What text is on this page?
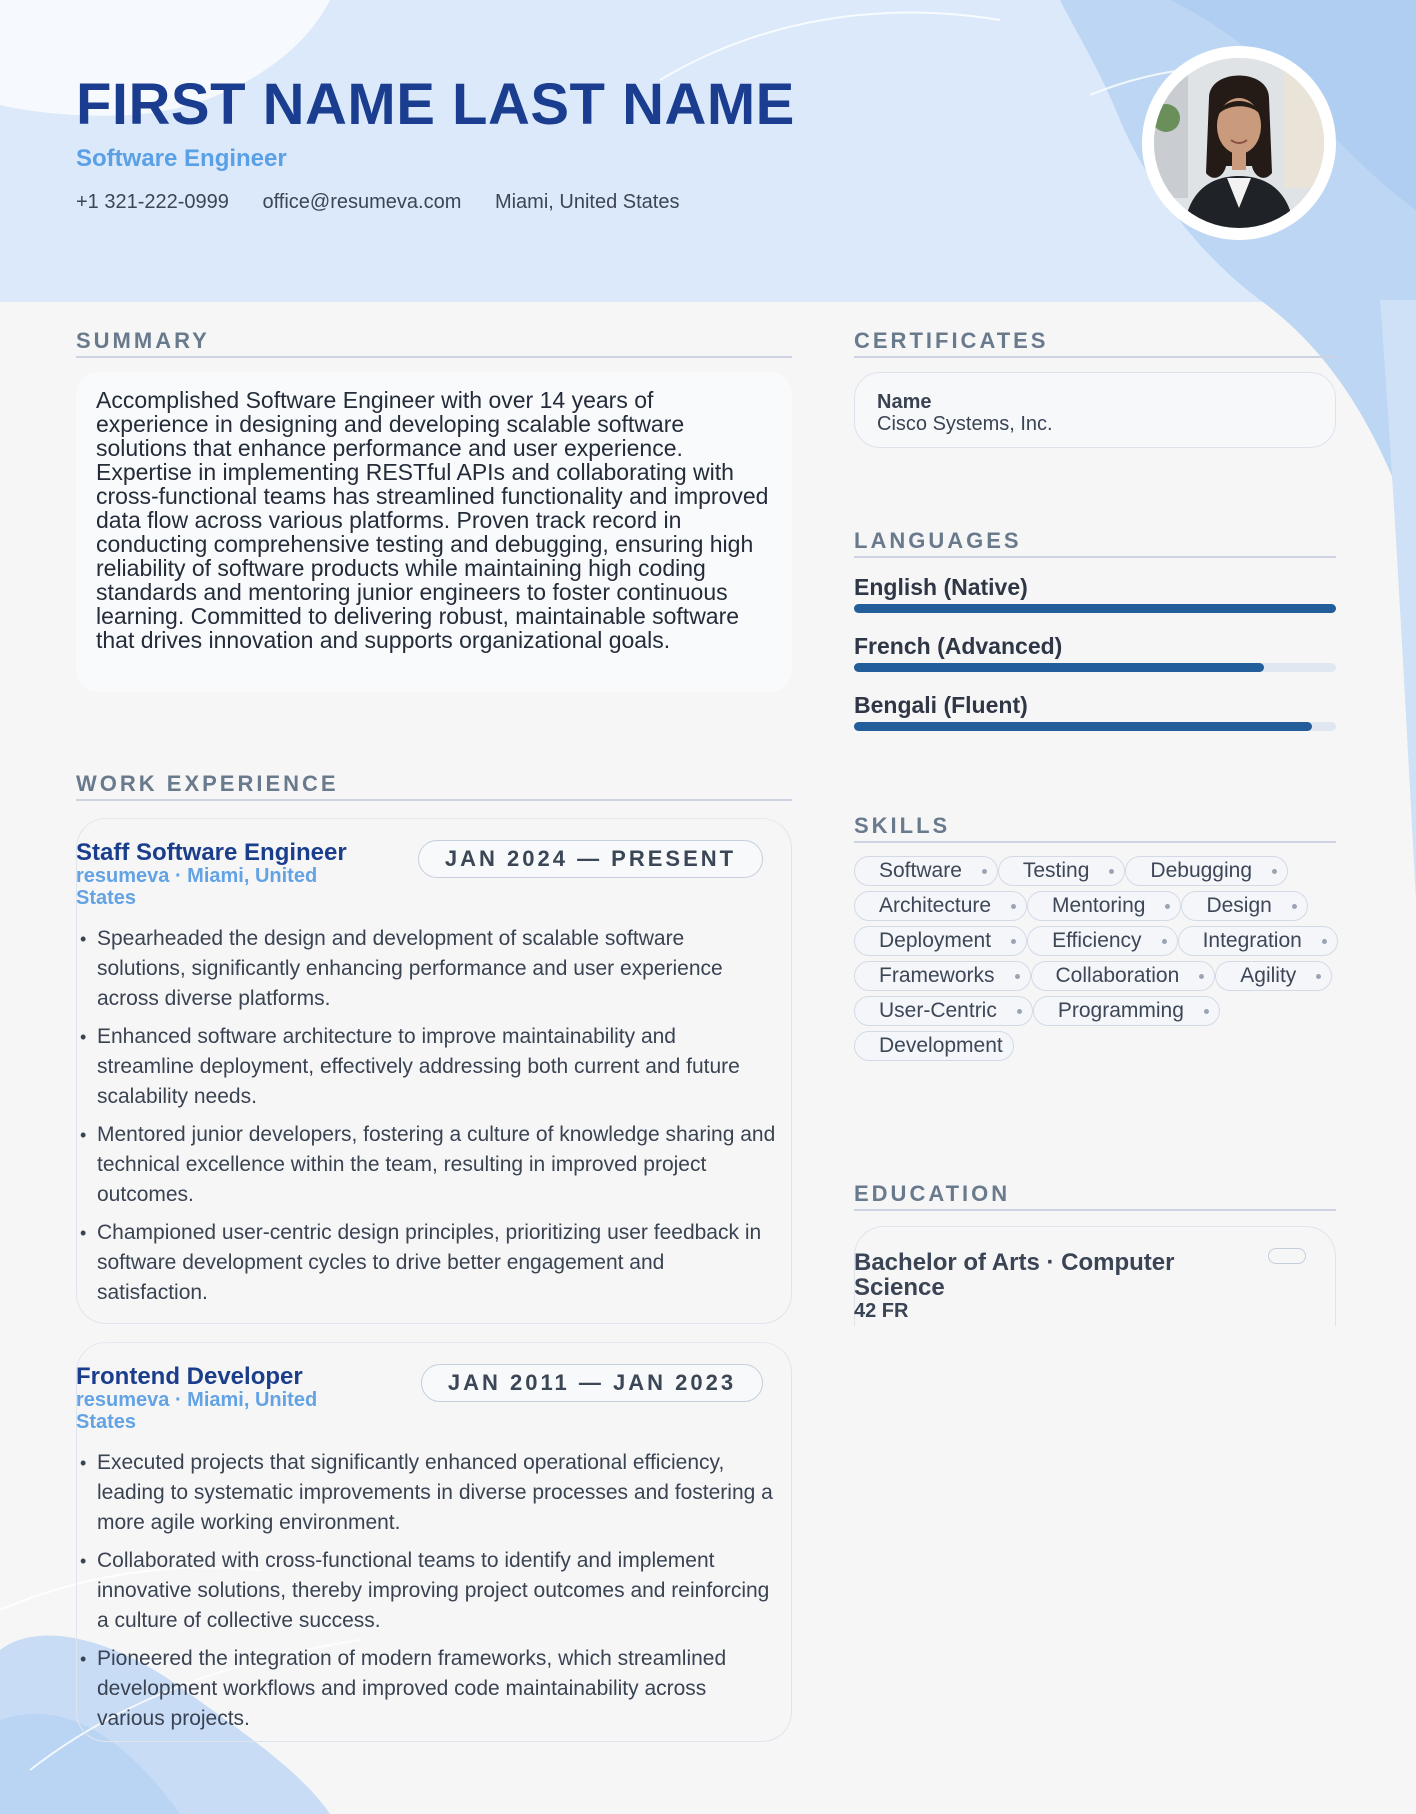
FIRST NAME LAST NAME
Software Engineer
+1 321-222-0999 office@resumeva.com Miami, United States
SUMMARY

Accomplished Software Engineer with over 14 years of experience in designing and developing scalable software solutions that enhance performance and user experience. Expertise in implementing RESTful APIs and collaborating with cross-functional teams has streamlined functionality and improved data flow across various platforms. Proven track record in conducting comprehensive testing and debugging, ensuring high reliability of software products while maintaining high coding standards and mentoring junior engineers to foster continuous learning. Committed to delivering robust, maintainable software that drives innovation and supports organizational goals.

WORK EXPERIENCE
Staff Software Engineer
resumeva · Miami, United States
JAN 2024 — PRESENT
• Spearheaded the design and development of scalable software solutions, significantly enhancing performance and user experience across diverse platforms.
• Enhanced software architecture to improve maintainability and streamline deployment, effectively addressing both current and future scalability needs.
• Mentored junior developers, fostering a culture of knowledge sharing and technical excellence within the team, resulting in improved project outcomes.
• Championed user-centric design principles, prioritizing user feedback in software development cycles to drive better engagement and satisfaction.
Frontend Developer
resumeva · Miami, United States
JAN 2011 — JAN 2023
• Executed projects that significantly enhanced operational efficiency, leading to systematic improvements in diverse processes and fostering a more agile working environment.
• Collaborated with cross-functional teams to identify and implement innovative solutions, thereby improving project outcomes and reinforcing a culture of collective success.
• Pioneered the integration of modern frameworks, which streamlined development workflows and improved code maintainability across various projects.
CERTIFICATES
Name
Cisco Systems, Inc.
LANGUAGES
English (Native)
French (Advanced)
Bengali (Fluent)
SKILLS
Software	Testing	Debugging
Architecture	Mentoring	Design
Deployment	Efficiency	Integration
Frameworks	Collaboration	Agility
User-Centric	Programming
Development
EDUCATION
Bachelor of Arts · Computer Science
42 FR
